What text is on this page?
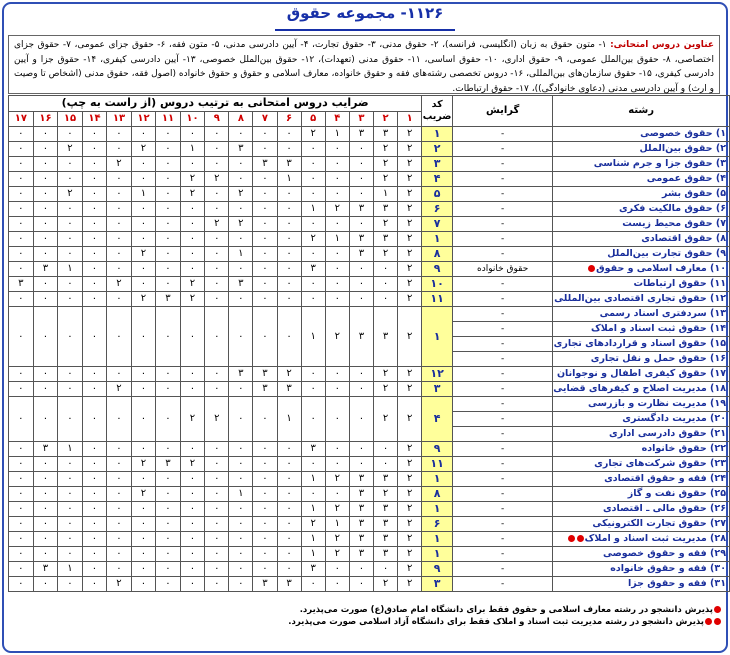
۱۱۲۶- مجموعه حقوق
عناوین دروس امتحانی: ۱- متون حقوق به زبان (انگلیسی، فرانسه)، ۲- حقوق مدنی، ۳- حقوق تجارت، ۴- آیین دادرسی مدنی، ۵- متون فقه، ۶- حقوق جزای عمومی، ۷- حقوق جزای اختصاصی، ۸- حقوق بین‌الملل عمومی، ۹- حقوق اداری، ۱۰- حقوق اساسی، ۱۱- حقوق مدنی (تعهدات)، ۱۲- حقوق بین‌الملل خصوصی، ۱۳- آیین دادرسی کیفری، ۱۴- حقوق جزا و آیین دادرسی کیفری، ۱۵- حقوق سازمان‌های بین‌المللی، ۱۶- دروس تخصصی رشته‌های فقه و حقوق خانواده، معارف اسلامی و حقوق و حقوق خانواده (اصول فقه، حقوق مدنی (اشخاص تا وصیت و ارث) و آیین دادرسی مدنی (دعاوی خانوادگی))، ۱۷- حقوق ارتباطات.
رشته	گرایش	کد ضریب	ضرایب دروس امتحانی به ترتیب دروس (از راست به چپ)																
			۱	۲	۳	۴	۵	۶	۷	۸	۹	۱۰	۱۱	۱۲	۱۳	۱۴	۱۵	۱۶	۱۷
۱) حقوق خصوصی	-	۱	۲	۳	۳	۱	۲	۰	۰	۰	۰	۰	۰	۰	۰	۰	۰	۰	۰
۲) حقوق بین‌الملل	-	۲	۲	۲	۰	۰	۰	۰	۰	۳	۰	۱	۰	۲	۰	۰	۲	۰	۰
۳) حقوق جزا و جرم شناسی	-	۳	۲	۲	۰	۰	۰	۳	۳	۰	۰	۰	۰	۰	۲	۰	۰	۰	۰
۴) حقوق عمومی	-	۴	۲	۲	۰	۰	۰	۱	۰	۰	۲	۲	۰	۰	۰	۰	۰	۰	۰
۵) حقوق بشر	-	۵	۲	۱	۰	۰	۰	۰	۰	۲	۰	۲	۰	۱	۰	۰	۲	۰	۰
۶) حقوق مالکیت فکری	-	۶	۲	۳	۳	۲	۱	۰	۰	۰	۰	۰	۰	۰	۰	۰	۰	۰	۰
۷) حقوق محیط زیست	-	۷	۲	۲	۰	۰	۰	۰	۰	۲	۲	۰	۰	۰	۰	۰	۰	۰	۰
۸) حقوق اقتصادی	-	۱	۲	۳	۳	۱	۲	۰	۰	۰	۰	۰	۰	۰	۰	۰	۰	۰	۰
۹) حقوق تجارت بین‌الملل	-	۸	۲	۲	۳	۰	۰	۰	۰	۱	۰	۰	۰	۲	۰	۰	۰	۰	۰
۱۰) معارف اسلامی و حقوق	حقوق خانواده	۹	۲	۰	۰	۰	۳	۰	۰	۰	۰	۰	۰	۰	۰	۰	۱	۳	۰
۱۱) حقوق ارتباطات	-	۱۰	۲	۰	۰	۰	۰	۰	۰	۳	۰	۲	۰	۰	۲	۰	۰	۰	۳
۱۲) حقوق تجاری اقتصادی بین‌المللی	-	۱۱	۲	۰	۰	۰	۰	۰	۰	۰	۰	۲	۳	۲	۰	۰	۰	۰	۰
۱۳) سردفتری اسناد رسمی	-	۱	۲	۳	۳	۲	۱	۰	۰	۰	۰	۰	۰	۰	۰	۰	۰	۰	۰
۱۴) حقوق ثبت اسناد و املاک	-																		
۱۵) حقوق اسناد و قراردادهای تجاری	-																		
۱۶) حقوق حمل و نقل تجاری	-																		
۱۷) حقوق کیفری اطفال و نوجوانان	-	۱۲	۲	۲	۰	۰	۰	۲	۳	۳	۰	۰	۰	۰	۰	۰	۰	۰	۰
۱۸) مدیریت اصلاح و کیفرهای قضایی	-	۳	۲	۲	۰	۰	۰	۳	۳	۰	۰	۰	۰	۰	۲	۰	۰	۰	۰
۱۹) مدیریت نظارت و بازرسی	-	۴	۲	۲	۰	۰	۰	۱	۰	۰	۲	۲	۰	۰	۰	۰	۰	۰	۰
۲۰) مدیریت دادگستری	-																		
۲۱) حقوق دادرسی اداری	-																		
۲۲) حقوق خانواده	-	۹	۲	۰	۰	۰	۳	۰	۰	۰	۰	۰	۰	۰	۰	۰	۱	۳	۰
۲۳) حقوق شرکت‌های تجاری	-	۱۱	۲	۰	۰	۰	۰	۰	۰	۰	۰	۲	۳	۲	۰	۰	۰	۰	۰
۲۴) فقه و حقوق اقتصادی	-	۱	۲	۳	۳	۲	۱	۰	۰	۰	۰	۰	۰	۰	۰	۰	۰	۰	۰
۲۵) حقوق نفت و گاز	-	۸	۲	۲	۳	۰	۰	۰	۰	۱	۰	۰	۰	۲	۰	۰	۰	۰	۰
۲۶) حقوق مالی ـ اقتصادی	-	۱	۲	۳	۳	۲	۱	۰	۰	۰	۰	۰	۰	۰	۰	۰	۰	۰	۰
۲۷) حقوق تجارت الکترونیکی	-	۶	۲	۳	۳	۱	۲	۰	۰	۰	۰	۰	۰	۰	۰	۰	۰	۰	۰
۲۸) مدیریت ثبت اسناد و املاک	-	۱	۲	۳	۳	۲	۱	۰	۰	۰	۰	۰	۰	۰	۰	۰	۰	۰	۰
۲۹) فقه و حقوق خصوصی	-	۱	۲	۳	۳	۲	۱	۰	۰	۰	۰	۰	۰	۰	۰	۰	۰	۰	۰
۳۰) فقه و حقوق خانواده	-	۹	۲	۰	۰	۰	۳	۰	۰	۰	۰	۰	۰	۰	۰	۰	۱	۳	۰
۳۱) فقه و حقوق جزا	-	۳	۲	۲	۰	۰	۰	۳	۳	۰	۰	۰	۰	۰	۲	۰	۰	۰	۰
پذیرش دانشجو در رشته معارف اسلامی و حقوق فقط برای دانشگاه امام صادق(ع) صورت می‌پذیرد.
پذیرش دانشجو در رشته مدیریت ثبت اسناد و املاک فقط برای دانشگاه آزاد اسلامی صورت می‌پذیرد.
